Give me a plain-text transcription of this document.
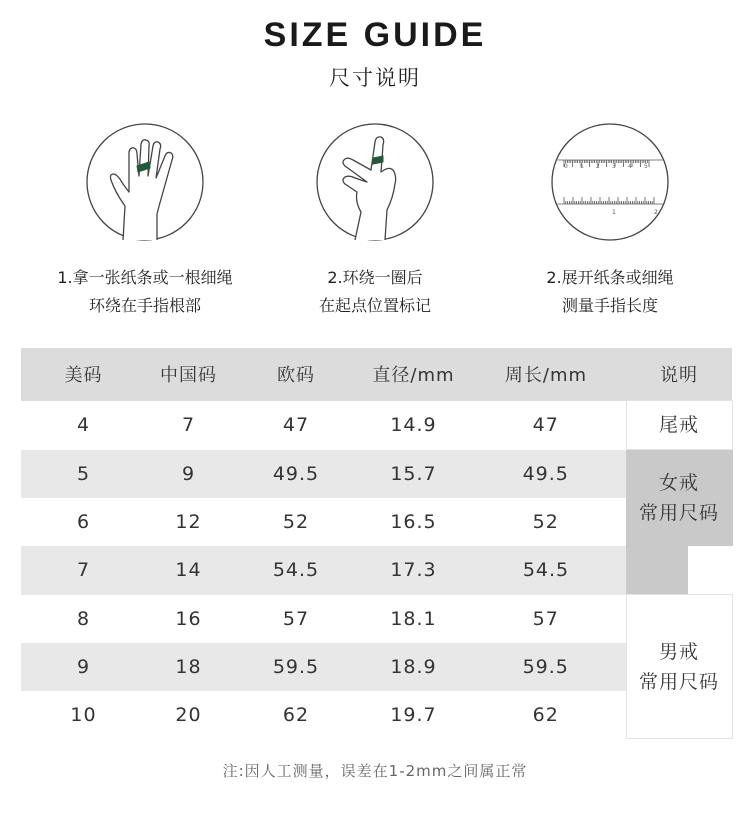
SIZE GUIDE
尺寸说明
1.拿一张纸条或一根细绳
环绕在手指根部
2.环绕一圈后
在起点位置标记
0 1 2 3 4 5
1	2
2.展开纸条或细绳
测量手指长度
美码	中国码	欧码	直径/mm	周长/mm	说明
4	7	47	14.9	47	尾戒
5	9	49.5	15.7	49.5	女戒
常用尺码

6	12	52	16.5	52	
7	14	54.5	17.3	54.5	

8	16	57	18.1	57	男戒
常用尺码

9	18	59.5	18.9	59.5	
10	20	62	19.7	62	
注:因人工测量，误差在1-2mm之间属正常
